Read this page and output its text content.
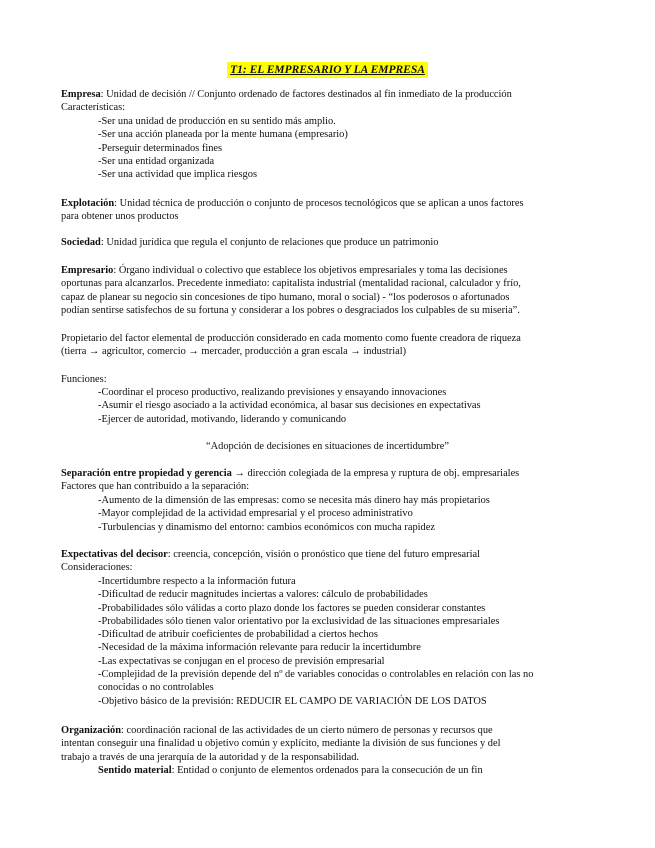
T1: EL EMPRESARIO Y LA EMPRESA
Empresa: Unidad de decisión // Conjunto ordenado de factores destinados al fin inmediato de la producción
Características:
-Ser una unidad de producción en su sentido más amplio.
-Ser una acción planeada por la mente humana (empresario)
-Perseguir determinados fines
-Ser una entidad organizada
-Ser una actividad que implica riesgos
Explotación: Unidad técnica de producción o conjunto de procesos tecnológicos que se aplican a unos factores
para obtener unos productos
Sociedad: Unidad jurídica que regula el conjunto de relaciones que produce un patrimonio
Empresario: Órgano individual o colectivo que establece los objetivos empresariales y toma las decisiones
oportunas para alcanzarlos. Precedente inmediato: capitalista industrial (mentalidad racional, calculador y frío,
capaz de planear su negocio sin concesiones de tipo humano, moral o social) - “los poderosos o afortunados
podían sentirse satisfechos de su fortuna y considerar a los pobres o desgraciados los culpables de su miseria”.
Propietario del factor elemental de producción considerado en cada momento como fuente creadora de riqueza
(tierra → agricultor, comercio → mercader, producción a gran escala → industrial)
Funciones:
-Coordinar el proceso productivo, realizando previsiones y ensayando innovaciones
-Asumir el riesgo asociado a la actividad económica, al basar sus decisiones en expectativas
-Ejercer de autoridad, motivando, liderando y comunicando
“Adopción de decisiones en situaciones de incertidumbre”
Separación entre propiedad y gerencia → dirección colegiada de la empresa y ruptura de obj. empresariales
Factores que han contribuido a la separación:
-Aumento de la dimensión de las empresas: como se necesita más dinero hay más propietarios
-Mayor complejidad de la actividad empresarial y el proceso administrativo
-Turbulencias y dinamismo del entorno: cambios económicos con mucha rapidez
Expectativas del decisor: creencia, concepción, visión o pronóstico que tiene del futuro empresarial
Consideraciones:
-Incertidumbre respecto a la información futura
-Dificultad de reducir magnitudes inciertas a valores: cálculo de probabilidades
-Probabilidades sólo válidas a corto plazo donde los factores se pueden considerar constantes
-Probabilidades sólo tienen valor orientativo por la exclusividad de las situaciones empresariales
-Dificultad de atribuir coeficientes de probabilidad a ciertos hechos
-Necesidad de la máxima información relevante para reducir la incertidumbre
-Las expectativas se conjugan en el proceso de previsión empresarial
-Complejidad de la previsión depende del nº de variables conocidas o controlables en relación con las no
conocidas o no controlables
-Objetivo básico de la previsión: REDUCIR EL CAMPO DE VARIACIÓN DE LOS DATOS
Organización: coordinación racional de las actividades de un cierto número de personas y recursos que
intentan conseguir una finalidad u objetivo común y explícito, mediante la división de sus funciones y del
trabajo a través de una jerarquía de la autoridad y de la responsabilidad.
Sentido material: Entidad o conjunto de elementos ordenados para la consecución de un fin
